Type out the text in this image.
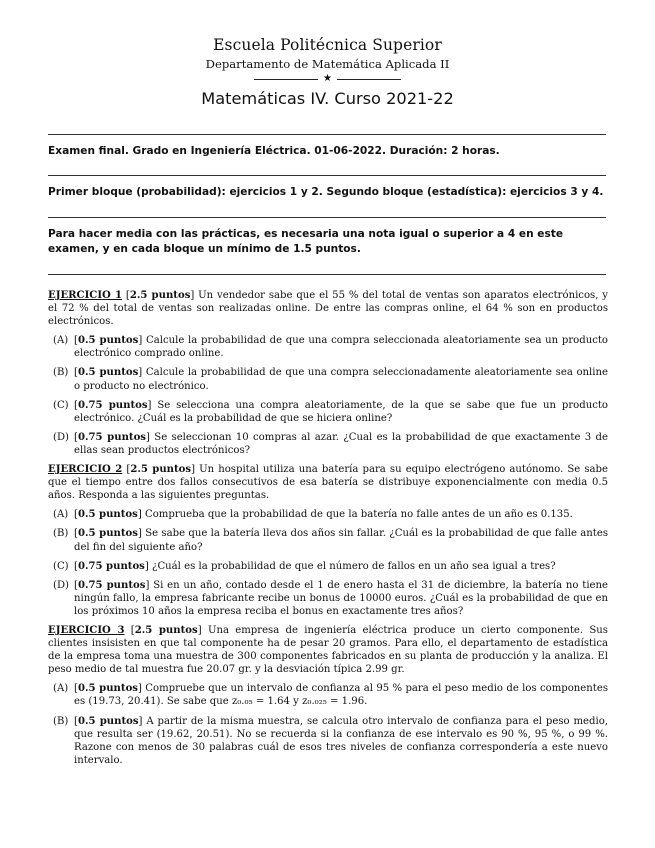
Escuela Politécnica Superior
Departamento de Matemática Aplicada II
★
Matemáticas IV. Curso 2021-22
Examen final. Grado en Ingeniería Eléctrica. 01-06-2022. Duración: 2 horas.
Primer bloque (probabilidad): ejercicios 1 y 2. Segundo bloque (estadística): ejercicios 3 y 4.
Para hacer media con las prácticas, es necesaria una nota igual o superior a 4 en este examen, y en cada bloque un mínimo de 1.5 puntos.

EJERCICIO 1 [2.5 puntos] Un vendedor sabe que el 55 % del total de ventas son aparatos electrónicos, y el 72 % del total de ventas son realizadas online. De entre las compras online, el 64 % son en productos electrónicos.

(A) [0.5 puntos] Calcule la probabilidad de que una compra seleccionada aleatoriamente sea un producto electrónico comprado online.
(B) [0.5 puntos] Calcule la probabilidad de que una compra seleccionadamente aleatoriamente sea online o producto no electrónico.
(C) [0.75 puntos] Se selecciona una compra aleatoriamente, de la que se sabe que fue un producto electrónico. ¿Cuál es la probabilidad de que se hiciera online?
(D) [0.75 puntos] Se seleccionan 10 compras al azar. ¿Cual es la probabilidad de que exactamente 3 de ellas sean productos electrónicos?

EJERCICIO 2 [2.5 puntos] Un hospital utiliza una batería para su equipo electrógeno autónomo. Se sabe que el tiempo entre dos fallos consecutivos de esa batería se distribuye exponencialmente con media 0.5 años. Responda a las siguientes preguntas.

(A) [0.5 puntos] Comprueba que la probabilidad de que la batería no falle antes de un año es 0.135.
(B) [0.5 puntos] Se sabe que la batería lleva dos años sin fallar. ¿Cuál es la probabilidad de que falle antes del fin del siguiente año?
(C) [0.75 puntos] ¿Cuál es la probabilidad de que el número de fallos en un año sea igual a tres?
(D) [0.75 puntos] Si en un año, contado desde el 1 de enero hasta el 31 de diciembre, la batería no tiene ningún fallo, la empresa fabricante recibe un bonus de 10000 euros. ¿Cuál es la probabilidad de que en los próximos 10 años la empresa reciba el bonus en exactamente tres años?

EJERCICIO 3 [2.5 puntos] Una empresa de ingeniería eléctrica produce un cierto componente. Sus clientes insisisten en que tal componente ha de pesar 20 gramos. Para ello, el departamento de estadística de la empresa toma una muestra de 300 componentes fabricados en su planta de producción y la analiza. El peso medio de tal muestra fue 20.07 gr. y la desviación típica 2.99 gr.

(A) [0.5 puntos] Compruebe que un intervalo de confianza al 95 % para el peso medio de los componentes es (19.73, 20.41). Se sabe que z₀.₀₅ = 1.64 y z₀.₀₂₅ = 1.96.
(B) [0.5 puntos] A partir de la misma muestra, se calcula otro intervalo de confianza para el peso medio, que resulta ser (19.62, 20.51). No se recuerda si la confianza de ese intervalo es 90 %, 95 %, o 99 %. Razone con menos de 30 palabras cuál de esos tres niveles de confianza correspondería a este nuevo intervalo.
